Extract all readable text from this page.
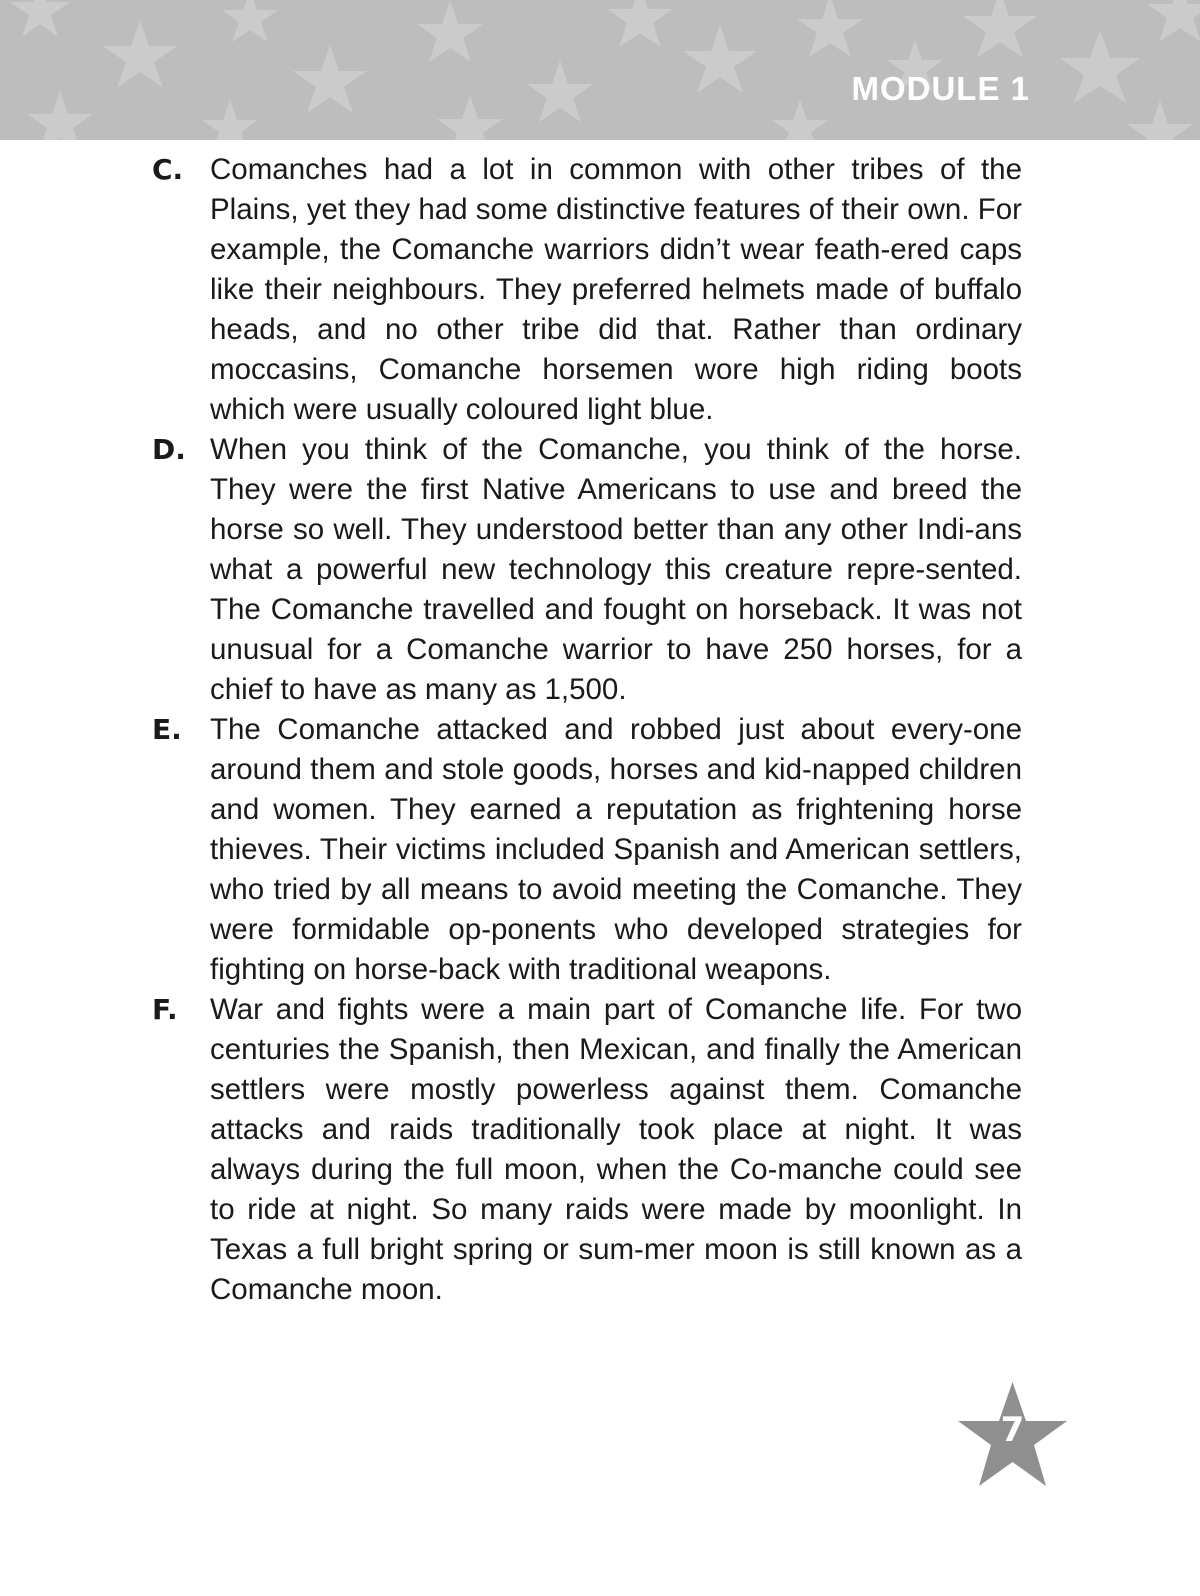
MODULE 1
C. Comanches had a lot in common with other tribes of the Plains, yet they had some distinctive features of their own. For example, the Comanche warriors didn’t wear feath-ered caps like their neighbours. They preferred helmets made of buffalo heads, and no other tribe did that. Rather than ordinary moccasins, Comanche horsemen wore high riding boots which were usually coloured light blue.
D. When you think of the Comanche, you think of the horse. They were the first Native Americans to use and breed the horse so well. They understood better than any other Indi-ans what a powerful new technology this creature repre-sented. The Comanche travelled and fought on horseback. It was not unusual for a Comanche warrior to have 250 horses, for a chief to have as many as 1,500.
E. The Comanche attacked and robbed just about every-one around them and stole goods, horses and kid-napped children and women. They earned a reputation as frightening horse thieves. Their victims included Spanish and American settlers, who tried by all means to avoid meeting the Comanche. They were formidable op-ponents who developed strategies for fighting on horse-back with traditional weapons.
F. War and fights were a main part of Comanche life. For two centuries the Spanish, then Mexican, and finally the American settlers were mostly powerless against them. Comanche attacks and raids traditionally took place at night. It was always during the full moon, when the Co-manche could see to ride at night. So many raids were made by moonlight. In Texas a full bright spring or sum-mer moon is still known as a Comanche moon.
7
